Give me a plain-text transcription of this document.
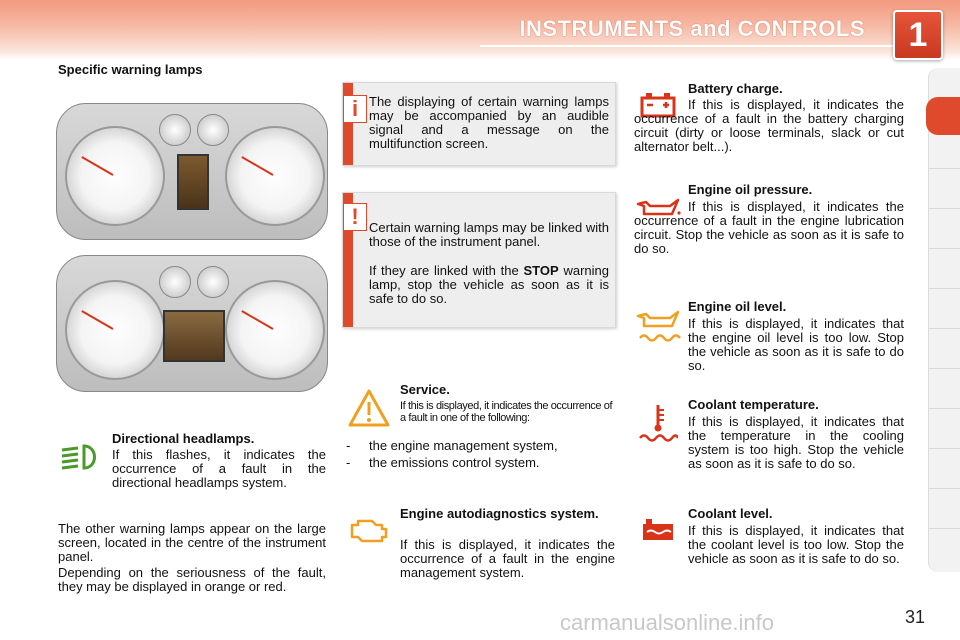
INSTRUMENTS and CONTROLS	1
Specific warning lamps
i The displaying of certain warning lamps may be accompanied by an audible signal and a message on the multifunction screen.

! Certain warning lamps may be linked with those of the instrument panel.

If they are linked with the STOP warning lamp, stop the vehicle as soon as it is safe to do so.

Directional headlamps.

If this flashes, it indicates the occurrence of a fault in the directional headlamps system.

The other warning lamps appear on the large screen, located in the centre of the instrument panel.

Depending on the seriousness of the fault, they may be displayed in orange or red.

Service.

If this is displayed, it indicates the occurrence of a fault in one of the following:

- the engine management system,
- the emissions control system.
Engine autodiagnostics system.

If this is displayed, it indicates the occurrence of a fault in the engine management system.

Battery charge.

If this is displayed, it indicates the occurrence of a fault in the battery charging circuit (dirty or loose terminals, slack or cut alternator belt...).
Engine oil pressure.
If this is displayed, it indicates the occurrence of a fault in the engine lubrication circuit. Stop the vehicle as soon as it is safe to do so.
Engine oil level.

If this is displayed, it indicates that the engine oil level is too low. Stop the vehicle as soon as it is safe to do so.

Coolant temperature.

If this is displayed, it indicates that the temperature in the cooling system is too high. Stop the vehicle as soon as it is safe to do so.

Coolant level.

If this is displayed, it indicates that the coolant level is too low. Stop the vehicle as soon as it is safe to do so.

carmanualsonline.info	31
